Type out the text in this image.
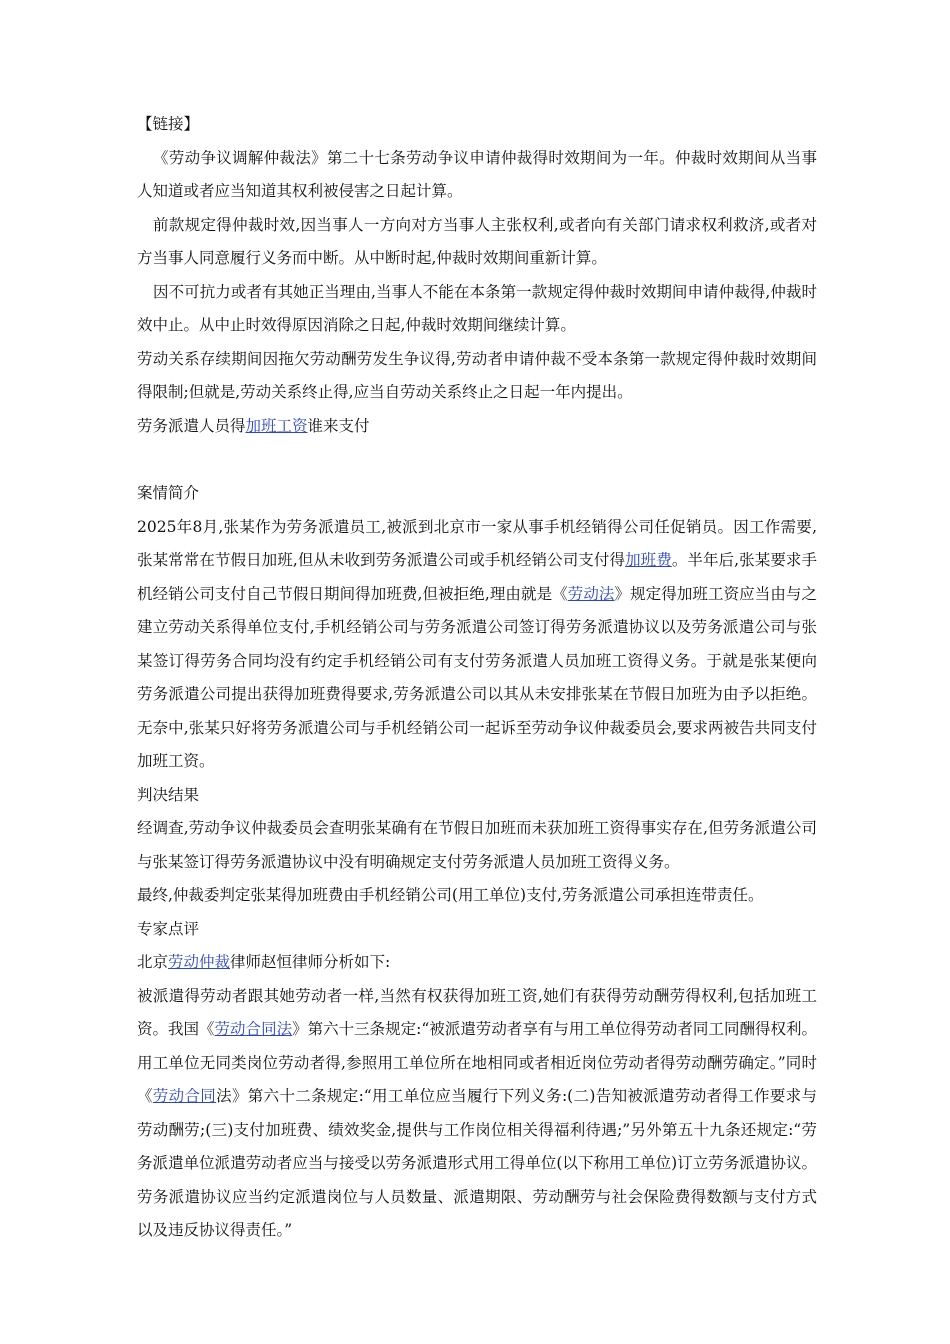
【链接】

《劳动争议调解仲裁法》第二十七条劳动争议申请仲裁得时效期间为一年。仲裁时效期间从当事人知道或者应当知道其权利被侵害之日起计算。

前款规定得仲裁时效,因当事人一方向对方当事人主张权利,或者向有关部门请求权利救济,或者对方当事人同意履行义务而中断。从中断时起,仲裁时效期间重新计算。

因不可抗力或者有其她正当理由,当事人不能在本条第一款规定得仲裁时效期间申请仲裁得,仲裁时效中止。从中止时效得原因消除之日起,仲裁时效期间继续计算。

劳动关系存续期间因拖欠劳动酬劳发生争议得,劳动者申请仲裁不受本条第一款规定得仲裁时效期间得限制;但就是,劳动关系终止得,应当自劳动关系终止之日起一年内提出。

劳务派遣人员得加班工资谁来支付

案情简介

2025年8月,张某作为劳务派遣员工,被派到北京市一家从事手机经销得公司任促销员。因工作需要,张某常常在节假日加班,但从未收到劳务派遣公司或手机经销公司支付得加班费。半年后,张某要求手机经销公司支付自己节假日期间得加班费,但被拒绝,理由就是《劳动法》规定得加班工资应当由与之建立劳动关系得单位支付,手机经销公司与劳务派遣公司签订得劳务派遣协议以及劳务派遣公司与张某签订得劳务合同均没有约定手机经销公司有支付劳务派遣人员加班工资得义务。于就是张某便向劳务派遣公司提出获得加班费得要求,劳务派遣公司以其从未安排张某在节假日加班为由予以拒绝。无奈中,张某只好将劳务派遣公司与手机经销公司一起诉至劳动争议仲裁委员会,要求两被告共同支付加班工资。

判决结果

经调查,劳动争议仲裁委员会查明张某确有在节假日加班而未获加班工资得事实存在,但劳务派遣公司与张某签订得劳务派遣协议中没有明确规定支付劳务派遣人员加班工资得义务。

最终,仲裁委判定张某得加班费由手机经销公司(用工单位)支付,劳务派遣公司承担连带责任。

专家点评

北京劳动仲裁律师赵恒律师分析如下:

被派遣得劳动者跟其她劳动者一样,当然有权获得加班工资,她们有获得劳动酬劳得权利,包括加班工资。我国《劳动合同法》第六十三条规定:“被派遣劳动者享有与用工单位得劳动者同工同酬得权利。用工单位无同类岗位劳动者得,参照用工单位所在地相同或者相近岗位劳动者得劳动酬劳确定。”同时《劳动合同法》第六十二条规定:“用工单位应当履行下列义务:(二)告知被派遣劳动者得工作要求与劳动酬劳;(三)支付加班费、绩效奖金,提供与工作岗位相关得福利待遇;”另外第五十九条还规定:“劳务派遣单位派遣劳动者应当与接受以劳务派遣形式用工得单位(以下称用工单位)订立劳务派遣协议。劳务派遣协议应当约定派遣岗位与人员数量、派遣期限、劳动酬劳与社会保险费得数额与支付方式以及违反协议得责任。”
